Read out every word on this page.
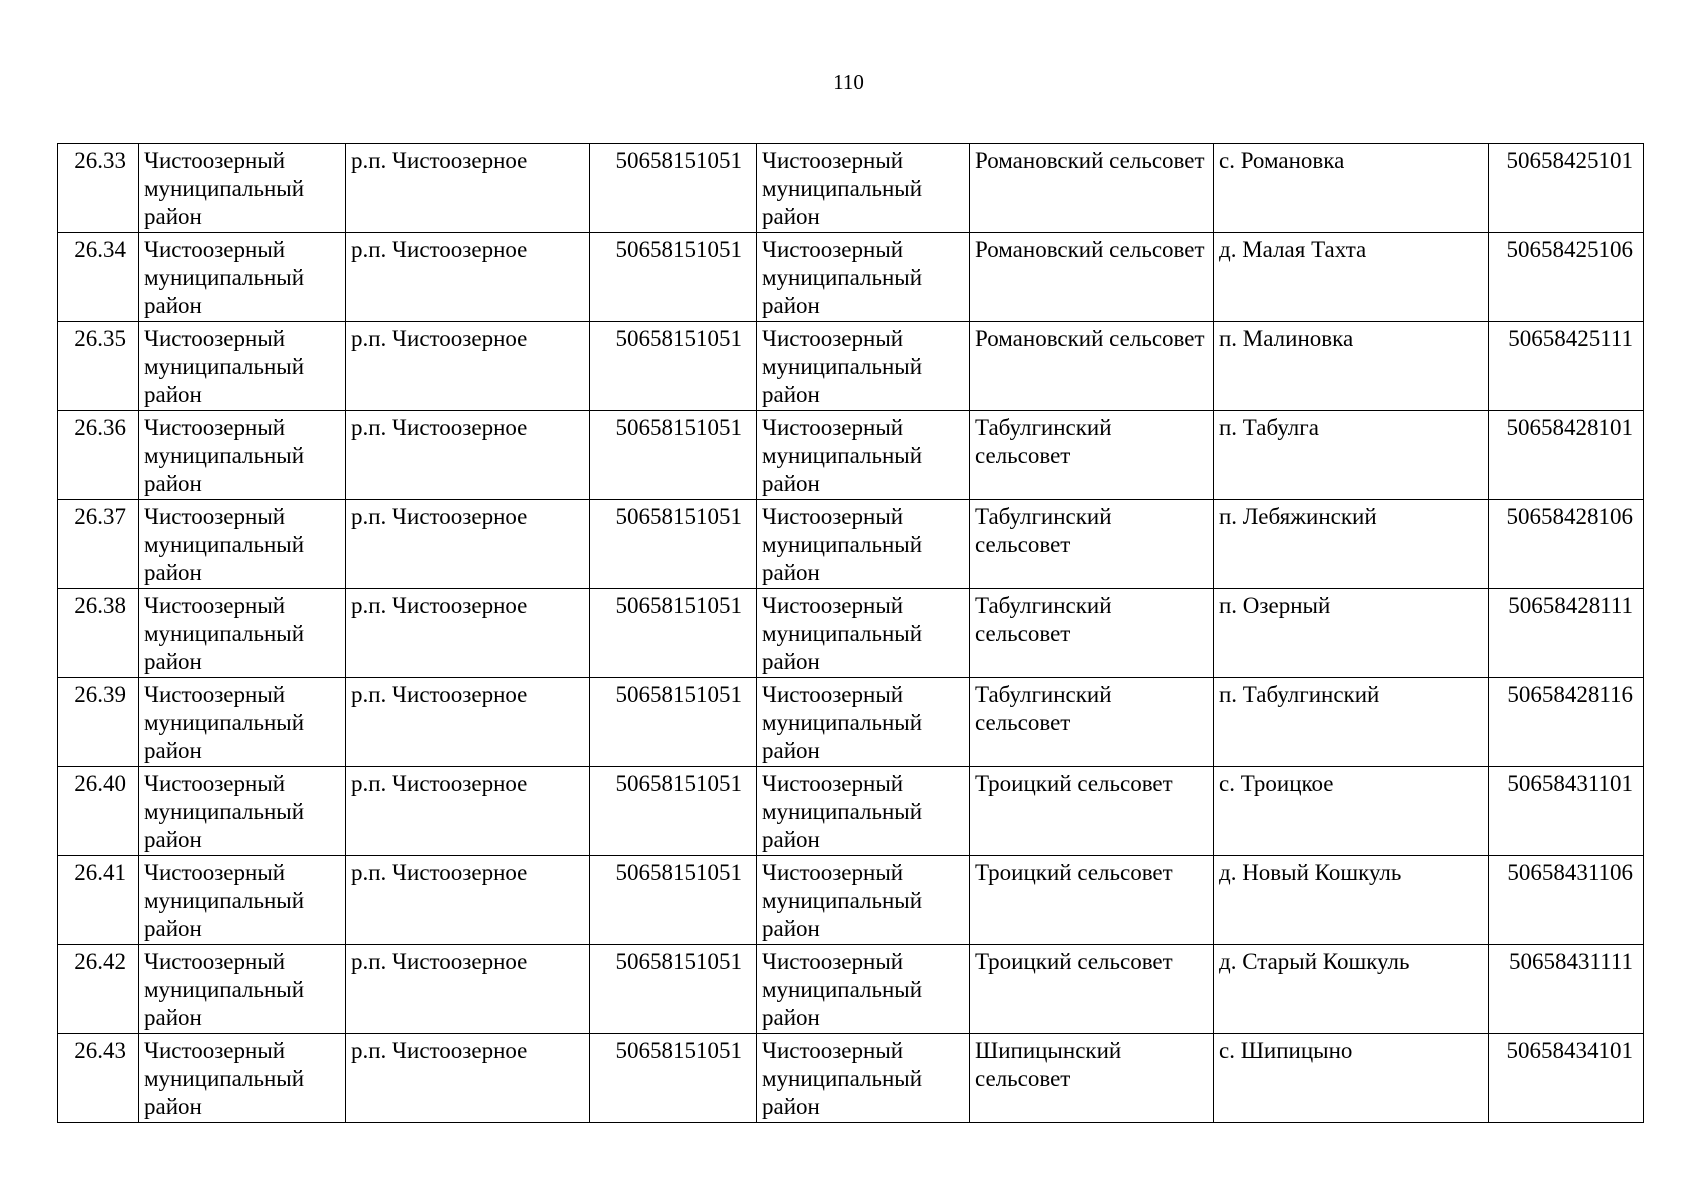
110
26.33	Чистоозерный муниципальный район	р.п. Чистоозерное	50658151051	Чистоозерный муниципальный район	Романовский сельсовет	с. Романовка	50658425101
26.34	Чистоозерный муниципальный район	р.п. Чистоозерное	50658151051	Чистоозерный муниципальный район	Романовский сельсовет	д. Малая Тахта	50658425106
26.35	Чистоозерный муниципальный район	р.п. Чистоозерное	50658151051	Чистоозерный муниципальный район	Романовский сельсовет	п. Малиновка	50658425111
26.36	Чистоозерный муниципальный район	р.п. Чистоозерное	50658151051	Чистоозерный муниципальный район	Табулгинский сельсовет	п. Табулга	50658428101
26.37	Чистоозерный муниципальный район	р.п. Чистоозерное	50658151051	Чистоозерный муниципальный район	Табулгинский сельсовет	п. Лебяжинский	50658428106
26.38	Чистоозерный муниципальный район	р.п. Чистоозерное	50658151051	Чистоозерный муниципальный район	Табулгинский сельсовет	п. Озерный	50658428111
26.39	Чистоозерный муниципальный район	р.п. Чистоозерное	50658151051	Чистоозерный муниципальный район	Табулгинский сельсовет	п. Табулгинский	50658428116
26.40	Чистоозерный муниципальный район	р.п. Чистоозерное	50658151051	Чистоозерный муниципальный район	Троицкий сельсовет	с. Троицкое	50658431101
26.41	Чистоозерный муниципальный район	р.п. Чистоозерное	50658151051	Чистоозерный муниципальный район	Троицкий сельсовет	д. Новый Кошкуль	50658431106
26.42	Чистоозерный муниципальный район	р.п. Чистоозерное	50658151051	Чистоозерный муниципальный район	Троицкий сельсовет	д. Старый Кошкуль	50658431111
26.43	Чистоозерный муниципальный район	р.п. Чистоозерное	50658151051	Чистоозерный муниципальный район	Шипицынский сельсовет	с. Шипицыно	50658434101
